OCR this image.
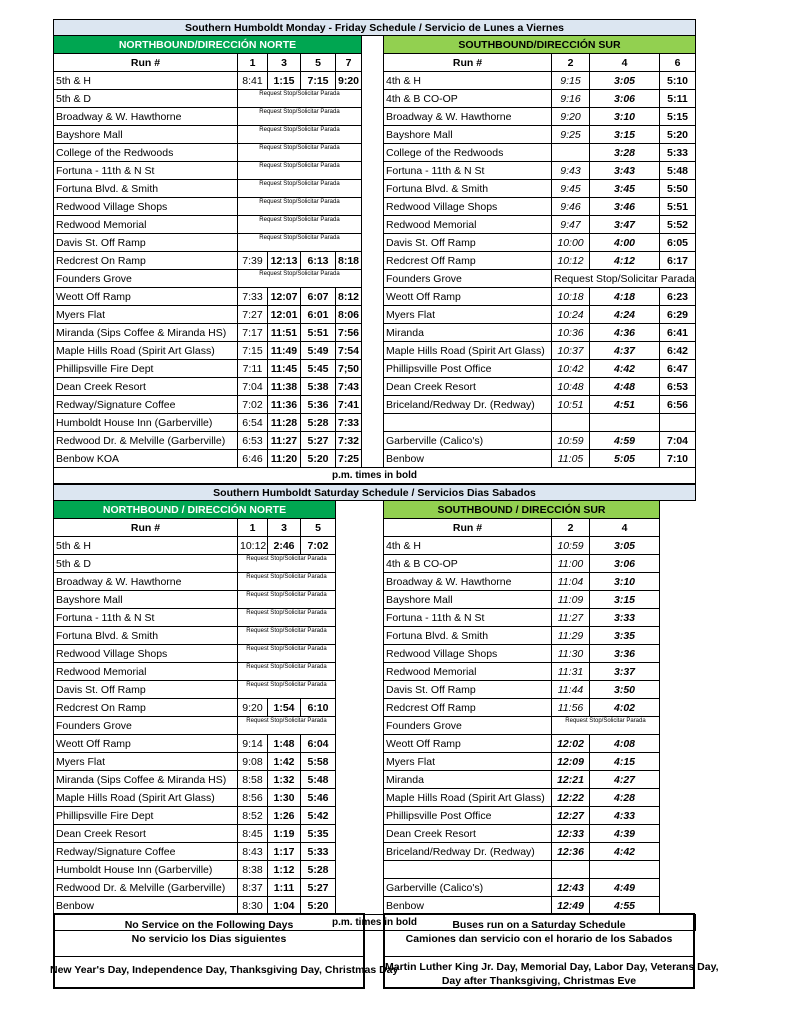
Southern Humboldt Monday - Friday Schedule / Servicio de Lunes a Viernes									
NORTHBOUND/DIRECCIÓN NORTE						SOUTHBOUND/DIRECCIÓN SUR			
Run #	1	3	5	7		Run #	2	4	6
5th & H	8:41	1:15	7:15	9:20		4th & H	9:15	3:05	5:10
5th & D	Request Stop/Solicitar Parada					4th & B CO-OP	9:16	3:06	5:11
Broadway & W. Hawthorne	Request Stop/Solicitar Parada					Broadway & W. Hawthorne	9:20	3:10	5:15
Bayshore Mall	Request Stop/Solicitar Parada					Bayshore Mall	9:25	3:15	5:20
College of the Redwoods	Request Stop/Solicitar Parada					College of the Redwoods		3:28	5:33
Fortuna - 11th & N St	Request Stop/Solicitar Parada					Fortuna - 11th & N St	9:43	3:43	5:48
Fortuna Blvd. & Smith	Request Stop/Solicitar Parada					Fortuna Blvd. & Smith	9:45	3:45	5:50
Redwood Village Shops	Request Stop/Solicitar Parada					Redwood Village Shops	9:46	3:46	5:51
Redwood Memorial	Request Stop/Solicitar Parada					Redwood Memorial	9:47	3:47	5:52
Davis St. Off Ramp	Request Stop/Solicitar Parada					Davis St. Off Ramp	10:00	4:00	6:05
Redcrest On Ramp	7:39	12:13	6:13	8:18		Redcrest Off Ramp	10:12	4:12	6:17
Founders Grove	Request Stop/Solicitar Parada					Founders Grove	Request Stop/Solicitar Parada		
Weott Off Ramp	7:33	12:07	6:07	8:12		Weott Off Ramp	10:18	4:18	6:23
Myers Flat	7:27	12:01	6:01	8:06		Myers Flat	10:24	4:24	6:29
Miranda (Sips Coffee & Miranda HS)	7:17	11:51	5:51	7:56		Miranda	10:36	4:36	6:41
Maple Hills Road (Spirit Art Glass)	7:15	11:49	5:49	7:54		Maple Hills Road (Spirit Art Glass)	10:37	4:37	6:42
Phillipsville Fire Dept	7:11	11:45	5:45	7;50		Phillipsville Post Office	10:42	4:42	6:47
Dean Creek Resort	7:04	11:38	5:38	7:43		Dean Creek Resort	10:48	4:48	6:53
Redway/Signature Coffee	7:02	11:36	5:36	7:41		Briceland/Redway Dr. (Redway)	10:51	4:51	6:56
Humboldt House Inn (Garberville)	6:54	11:28	5:28	7:33					
Redwood Dr. & Melville (Garberville)	6:53	11:27	5:27	7:32		Garberville (Calico's)	10:59	4:59	7:04
Benbow KOA	6:46	11:20	5:20	7:25		Benbow	11:05	5:05	7:10
p.m. times in bold									
Southern Humboldt Saturday Schedule / Servicios Dias Sabados								
NORTHBOUND / DIRECCIÓN NORTE					SOUTHBOUND / DIRECCIÓN SUR			
Run #	1	3	5		Run #	2	4	
5th & H	10:12	2:46	7:02		4th & H	10:59	3:05	
5th & D	Request Stop/Solicitar Parada				4th & B CO-OP	11:00	3:06	
Broadway & W. Hawthorne	Request Stop/Solicitar Parada				Broadway & W. Hawthorne	11:04	3:10	
Bayshore Mall	Request Stop/Solicitar Parada				Bayshore Mall	11:09	3:15	
Fortuna - 11th & N St	Request Stop/Solicitar Parada				Fortuna - 11th & N St	11:27	3:33	
Fortuna Blvd. & Smith	Request Stop/Solicitar Parada				Fortuna Blvd. & Smith	11:29	3:35	
Redwood Village Shops	Request Stop/Solicitar Parada				Redwood Village Shops	11:30	3:36	
Redwood Memorial	Request Stop/Solicitar Parada				Redwood Memorial	11:31	3:37	
Davis St. Off Ramp	Request Stop/Solicitar Parada				Davis St. Off Ramp	11:44	3:50	
Redcrest On Ramp	9:20	1:54	6:10		Redcrest Off Ramp	11:56	4:02	
Founders Grove	Request Stop/Solicitar Parada				Founders Grove	Request Stop/Solicitar Parada		
Weott Off Ramp	9:14	1:48	6:04		Weott Off Ramp	12:02	4:08	
Myers Flat	9:08	1:42	5:58		Myers Flat	12:09	4:15	
Miranda (Sips Coffee & Miranda HS)	8:58	1:32	5:48		Miranda	12:21	4:27	
Maple Hills Road (Spirit Art Glass)	8:56	1:30	5:46		Maple Hills Road (Spirit Art Glass)	12:22	4:28	
Phillipsville Fire Dept	8:52	1:26	5:42		Phillipsville Post Office	12:27	4:33	
Dean Creek Resort	8:45	1:19	5:35		Dean Creek Resort	12:33	4:39	
Redway/Signature Coffee	8:43	1:17	5:33		Briceland/Redway Dr. (Redway)	12:36	4:42	
Humboldt House Inn (Garberville)	8:38	1:12	5:28					
Redwood Dr. & Melville (Garberville)	8:37	1:11	5:27		Garberville (Calico's)	12:43	4:49	
Benbow	8:30	1:04	5:20		Benbow	12:49	4:55	
p.m. times in bold								
No Service on the Following Days
No servicio los Dias siguientes
New Year's Day, Independence Day, Thanksgiving Day, Christmas Day
Buses run on a Saturday Schedule
Camiones dan servicio con el horario de los Sabados
Martin Luther King Jr. Day, Memorial Day, Labor Day, Veterans Day,
Day after Thanksgiving, Christmas Eve
